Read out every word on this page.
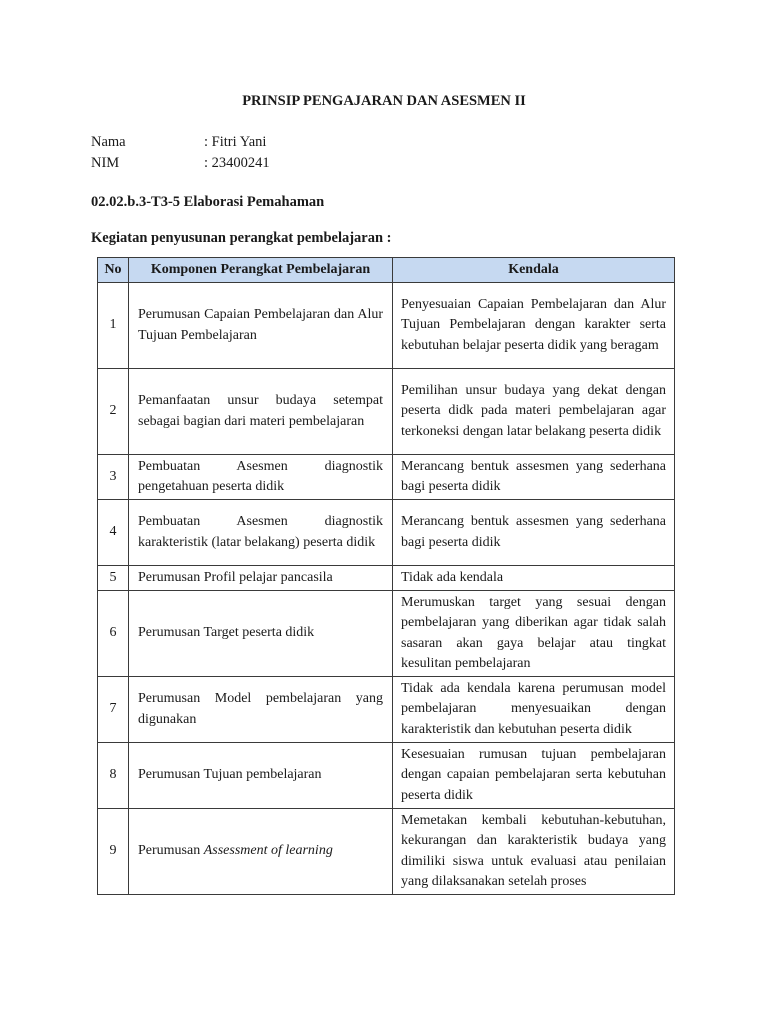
PRINSIP PENGAJARAN DAN ASESMEN II
Nama	: Fitri Yani
NIM	: 23400241
02.02.b.3-T3-5 Elaborasi Pemahaman
Kegiatan penyusunan perangkat pembelajaran :
No	Komponen Perangkat Pembelajaran	Kendala
1	Perumusan Capaian Pembelajaran dan Alur Tujuan Pembelajaran	Penyesuaian Capaian Pembelajaran dan Alur Tujuan Pembelajaran dengan karakter serta kebutuhan belajar peserta didik yang beragam
2	Pemanfaatan unsur budaya setempat sebagai bagian dari materi pembelajaran	Pemilihan unsur budaya yang dekat dengan peserta didk pada materi pembelajaran agar terkoneksi dengan latar belakang peserta didik
3	Pembuatan Asesmen diagnostik pengetahuan peserta didik	Merancang bentuk assesmen yang sederhana bagi peserta didik
4	Pembuatan Asesmen diagnostik karakteristik (latar belakang) peserta didik	Merancang bentuk assesmen yang sederhana bagi peserta didik
5	Perumusan Profil pelajar pancasila	Tidak ada kendala
6	Perumusan Target peserta didik	Merumuskan target yang sesuai dengan pembelajaran yang diberikan agar tidak salah sasaran akan gaya belajar atau tingkat kesulitan pembelajaran
7	Perumusan Model pembelajaran yang digunakan	Tidak ada kendala karena perumusan model pembelajaran menyesuaikan dengan karakteristik dan kebutuhan peserta didik
8	Perumusan Tujuan pembelajaran	Kesesuaian rumusan tujuan pembelajaran dengan capaian pembelajaran serta kebutuhan peserta didik
9	Perumusan Assessment of learning	Memetakan kembali kebutuhan-kebutuhan, kekurangan dan karakteristik budaya yang dimiliki siswa untuk evaluasi atau penilaian yang dilaksanakan setelah proses
